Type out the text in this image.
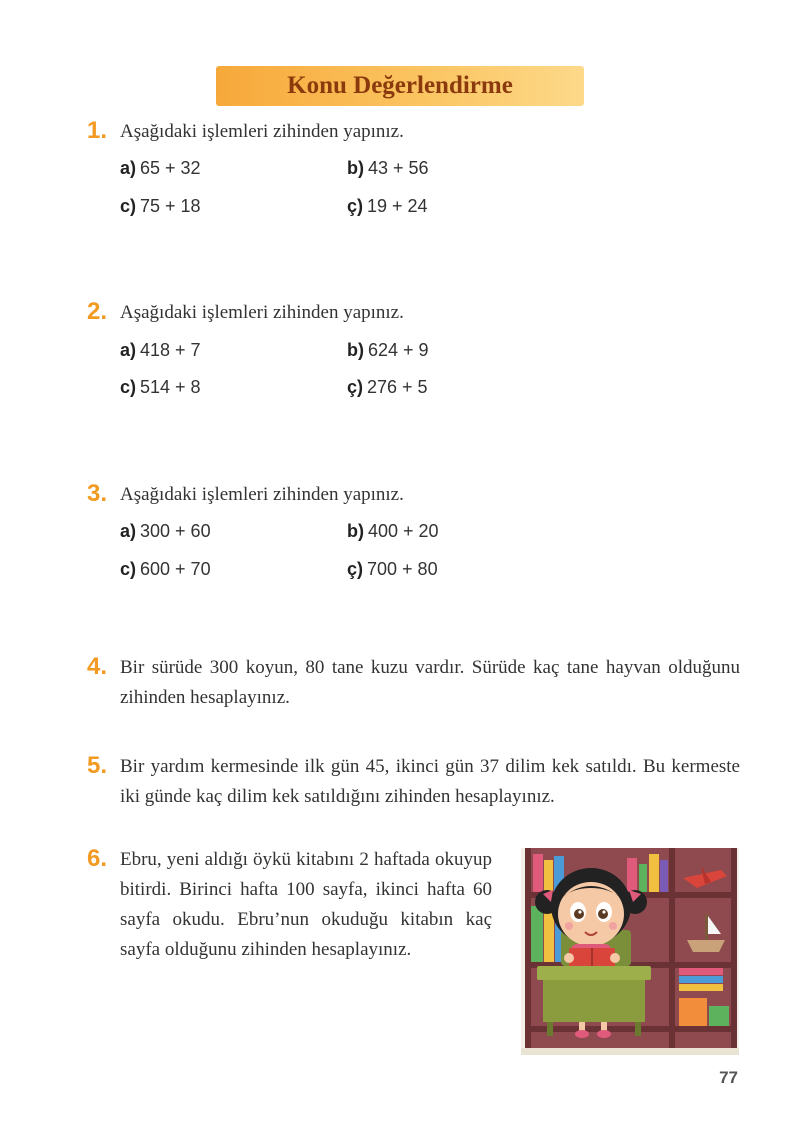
Konu Değerlendirme
1. Aşağıdaki işlemleri zihinden yapınız.
a) 65 + 32	b) 43 + 56
c) 75 + 18	ç) 19 + 24
2. Aşağıdaki işlemleri zihinden yapınız.
a) 418 + 7	b) 624 + 9
c) 514 + 8	ç) 276 + 5
3. Aşağıdaki işlemleri zihinden yapınız.
a) 300 + 60	b) 400 + 20
c) 600 + 70	ç) 700 + 80
4. Bir sürüde 300 koyun, 80 tane kuzu vardır. Sürüde kaç tane hayvan olduğunu zihinden hesaplayınız.
5. Bir yardım kermesinde ilk gün 45, ikinci gün 37 dilim kek satıldı. Bu kermeste iki günde kaç dilim kek satıldığını zihinden hesaplayınız.
6. Ebru, yeni aldığı öykü kitabını 2 haftada okuyup bitirdi. Birinci hafta 100 sayfa, ikinci hafta 60 sayfa okudu. Ebru’nun okuduğu kitabın kaç sayfa olduğunu zihinden hesaplayınız.
77
